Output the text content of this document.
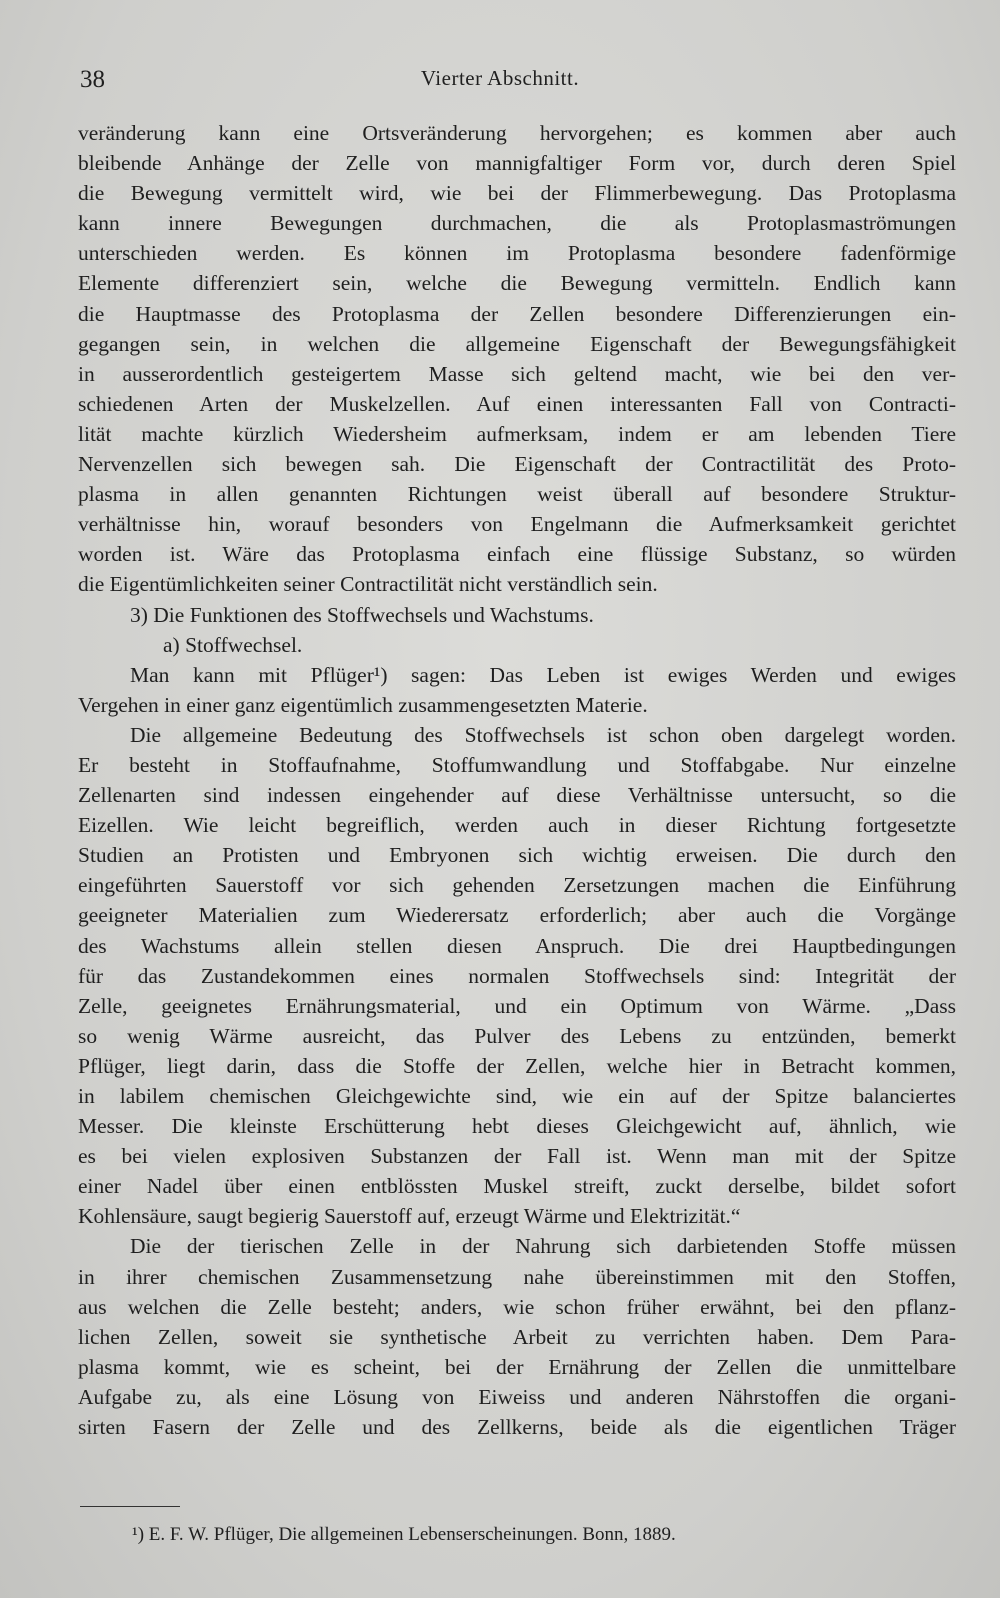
38	Vierter Abschnitt.
veränderung kann eine Ortsveränderung hervorgehen; es kommen aber auch
bleibende Anhänge der Zelle von mannigfaltiger Form vor, durch deren Spiel
die Bewegung vermittelt wird, wie bei der Flimmerbewegung. Das Protoplasma
kann innere Bewegungen durchmachen, die als Protoplasmaströmungen
unterschieden werden. Es können im Protoplasma besondere fadenförmige
Elemente differenziert sein, welche die Bewegung vermitteln. Endlich kann
die Hauptmasse des Protoplasma der Zellen besondere Differenzierungen ein-
gegangen sein, in welchen die allgemeine Eigenschaft der Bewegungsfähigkeit
in ausserordentlich gesteigertem Masse sich geltend macht, wie bei den ver-
schiedenen Arten der Muskelzellen. Auf einen interessanten Fall von Contracti-
lität machte kürzlich Wiedersheim aufmerksam, indem er am lebenden Tiere
Nervenzellen sich bewegen sah. Die Eigenschaft der Contractilität des Proto-
plasma in allen genannten Richtungen weist überall auf besondere Struktur-
verhältnisse hin, worauf besonders von Engelmann die Aufmerksamkeit gerichtet
worden ist. Wäre das Protoplasma einfach eine flüssige Substanz, so würden
die Eigentümlichkeiten seiner Contractilität nicht verständlich sein.
3) Die Funktionen des Stoffwechsels und Wachstums.
a) Stoffwechsel.
Man kann mit Pflüger¹) sagen: Das Leben ist ewiges Werden und ewiges
Vergehen in einer ganz eigentümlich zusammengesetzten Materie.
Die allgemeine Bedeutung des Stoffwechsels ist schon oben dargelegt worden.
Er besteht in Stoffaufnahme, Stoffumwandlung und Stoffabgabe. Nur einzelne
Zellenarten sind indessen eingehender auf diese Verhältnisse untersucht, so die
Eizellen. Wie leicht begreiflich, werden auch in dieser Richtung fortgesetzte
Studien an Protisten und Embryonen sich wichtig erweisen. Die durch den
eingeführten Sauerstoff vor sich gehenden Zersetzungen machen die Einführung
geeigneter Materialien zum Wiederersatz erforderlich; aber auch die Vorgänge
des Wachstums allein stellen diesen Anspruch. Die drei Hauptbedingungen
für das Zustandekommen eines normalen Stoffwechsels sind: Integrität der
Zelle, geeignetes Ernährungsmaterial, und ein Optimum von Wärme. „Dass
so wenig Wärme ausreicht, das Pulver des Lebens zu entzünden, bemerkt
Pflüger, liegt darin, dass die Stoffe der Zellen, welche hier in Betracht kommen,
in labilem chemischen Gleichgewichte sind, wie ein auf der Spitze balanciertes
Messer. Die kleinste Erschütterung hebt dieses Gleichgewicht auf, ähnlich, wie
es bei vielen explosiven Substanzen der Fall ist. Wenn man mit der Spitze
einer Nadel über einen entblössten Muskel streift, zuckt derselbe, bildet sofort
Kohlensäure, saugt begierig Sauerstoff auf, erzeugt Wärme und Elektrizität.“
Die der tierischen Zelle in der Nahrung sich darbietenden Stoffe müssen
in ihrer chemischen Zusammensetzung nahe übereinstimmen mit den Stoffen,
aus welchen die Zelle besteht; anders, wie schon früher erwähnt, bei den pflanz-
lichen Zellen, soweit sie synthetische Arbeit zu verrichten haben. Dem Para-
plasma kommt, wie es scheint, bei der Ernährung der Zellen die unmittelbare
Aufgabe zu, als eine Lösung von Eiweiss und anderen Nährstoffen die organi-
sirten Fasern der Zelle und des Zellkerns, beide als die eigentlichen Träger
¹) E. F. W. Pflüger, Die allgemeinen Lebenserscheinungen. Bonn, 1889.
